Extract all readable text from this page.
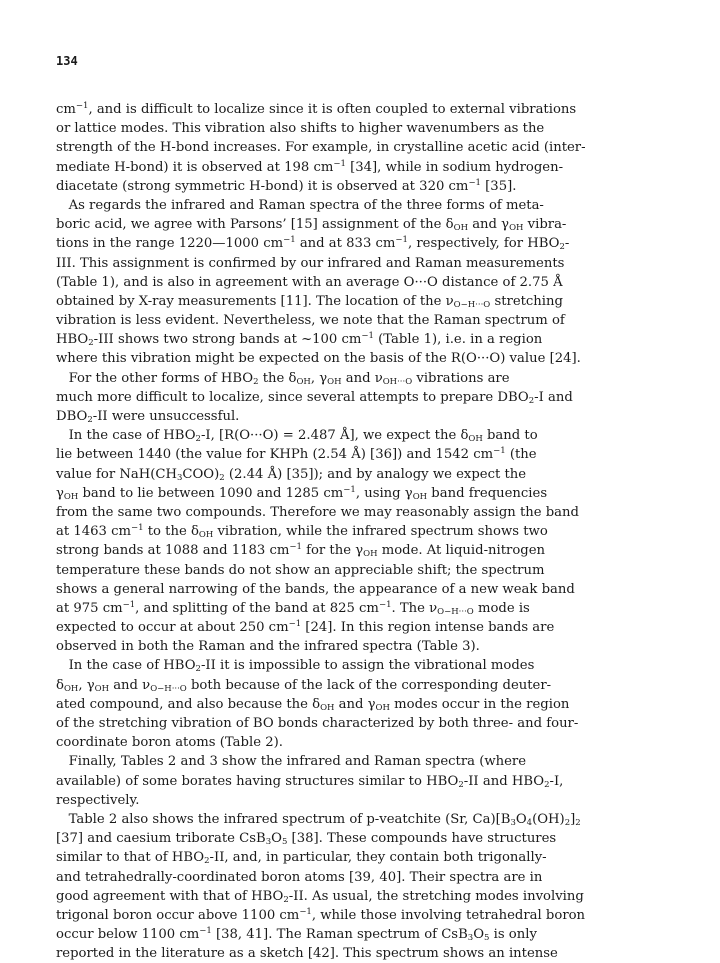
134
$cm^{-1}$, and is difficult to localize since it is often coupled to external vibrations
or lattice modes. This vibration also shifts to higher wavenumbers as the
strength of the H-bond increases. For example, in crystalline acetic acid (inter-
mediate H-bond) it is observed at 198 $cm^{-1}$ [34], while in sodium hydrogen-
diacetate (strong symmetric H-bond) it is observed at 320 $cm^{-1}$ [35].
As regards the infrared and Raman spectra of the three forms of meta-
boric acid, we agree with Parsons’ [15] assignment of the $\delta_{OH}$ and $\gamma_{OH}$ vibra-
tions in the range 1220—1000 $cm^{-1}$ and at 833 $cm^{-1}$, respectively, for $HBO_2-$
III. This assignment is confirmed by our infrared and Raman measurements
(Table 1), and is also in agreement with an average O···O distance of 2.75 Å
obtained by X-ray measurements [11]. The location of the $\nu_{O-H\cdot\cdot\cdot O}$ stretching
vibration is less evident. Nevertheless, we note that the Raman spectrum of
$HBO_2$-III shows two strong bands at ~100 $cm^{-1}$ (Table 1), i.e. in a region
where this vibration might be expected on the basis of the R(O···O) value [24].
For the other forms of $HBO_2$ the $\delta_{OH}$, $\gamma_{OH}$ and $\nu_{OH\cdot\cdot\cdot O}$ vibrations are
much more difficult to localize, since several attempts to prepare $DBO_2-I$ and
$DBO_2-II$ were unsuccessful.
In the case of $HBO_2-I$, [R(O···O) = 2.487 Å], we expect the $\delta_{OH}$ band to
lie between 1440 (the value for KHPh (2.54 Å) [36]) and 1542 $cm^{-1}$ (the
value for $NaH(CH_3COO)_2$ (2.44 Å) [35]); and by analogy we expect the
$\gamma_{OH}$ band to lie between 1090 and 1285 $cm^{-1}$, using $\gamma_{OH}$ band frequencies
from the same two compounds. Therefore we may reasonably assign the band
at 1463 $cm^{-1}$ to the $\delta_{OH}$ vibration, while the infrared spectrum shows two
strong bands at 1088 and 1183 $cm^{-1}$ for the $\gamma_{OH}$ mode. At liquid-nitrogen
temperature these bands do not show an appreciable shift; the spectrum
shows a general narrowing of the bands, the appearance of a new weak band
at 975 $cm^{-1}$, and splitting of the band at 825 $cm^{-1}$. The $\nu_{O-H\cdot\cdot\cdot O}$ mode is
expected to occur at about 250 $cm^{-1}$ [24]. In this region intense bands are
observed in both the Raman and the infrared spectra (Table 3).
In the case of $HBO_2-II$ it is impossible to assign the vibrational modes
$\delta_{OH}$, $\gamma_{OH}$ and $\nu_{O-H\cdot\cdot\cdot O}$ both because of the lack of the corresponding deuter-
ated compound, and also because the $\delta_{OH}$ and $\gamma_{OH}$ modes occur in the region
of the stretching vibration of BO bonds characterized by both three- and four-
coordinate boron atoms (Table 2).
Finally, Tables 2 and 3 show the infrared and Raman spectra (where
available) of some borates having structures similar to $HBO_2-II$ and $HBO_2-I$,
respectively.
Table 2 also shows the infrared spectrum of p-veatchite (Sr, $Ca)[B_3O_4(OH)_2]_2$
[37] and caesium triborate $CsB_3O_5$ [38]. These compounds have structures
similar to that of $HBO_2-II$, and, in particular, they contain both trigonally-
and tetrahedrally-coordinated boron atoms [39, 40]. Their spectra are in
good agreement with that of $HBO_2-II$. As usual, the stretching modes involving
trigonal boron occur above 1100 $cm^{-1}$, while those involving tetrahedral boron
occur below 1100 $cm^{-1}$ [38, 41]. The Raman spectrum of $CsB_3O_5$ is only
reported in the literature as a sketch [42]. This spectrum shows an intense
